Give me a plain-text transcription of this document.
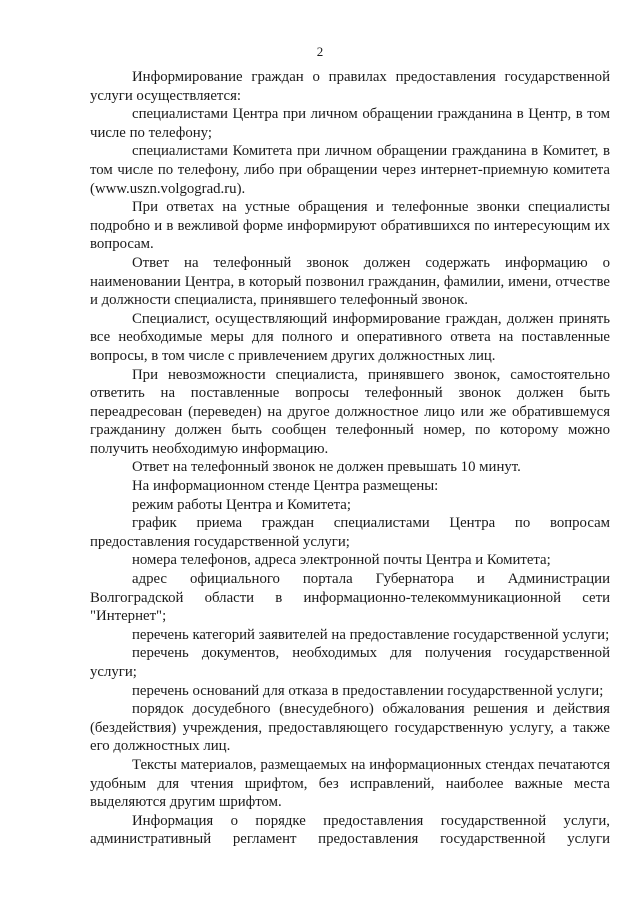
2

Информирование граждан о правилах предоставления государственной услуги осуществляется:

специалистами Центра при личном обращении гражданина в Центр, в том числе по телефону;

специалистами Комитета при личном обращении гражданина в Комитет, в том числе по телефону, либо при обращении через интернет-приемную комитета (www.uszn.volgograd.ru).

При ответах на устные обращения и телефонные звонки специалисты подробно и в вежливой форме информируют обратившихся по интересующим их вопросам.

Ответ на телефонный звонок должен содержать информацию о наименовании Центра, в который позвонил гражданин, фамилии, имени, отчестве и должности специалиста, принявшего телефонный звонок.

Специалист, осуществляющий информирование граждан, должен принять все необходимые меры для полного и оперативного ответа на поставленные вопросы, в том числе с привлечением других должностных лиц.

При невозможности специалиста, принявшего звонок, самостоятельно ответить на поставленные вопросы телефонный звонок должен быть переадресован (переведен) на другое должностное лицо или же обратившемуся гражданину должен быть сообщен телефонный номер, по которому можно получить необходимую информацию.

Ответ на телефонный звонок не должен превышать 10 минут.

На информационном стенде Центра размещены:

режим работы Центра и Комитета;

график приема граждан специалистами Центра по вопросам предоставления государственной услуги;

номера телефонов, адреса электронной почты Центра и Комитета;

адрес официального портала Губернатора и Администрации Волгоградской области в информационно-телекоммуникационной сети "Интернет";

перечень категорий заявителей на предоставление государственной услуги;

перечень документов, необходимых для получения государственной услуги;

перечень оснований для отказа в предоставлении государственной услуги;

порядок досудебного (внесудебного) обжалования решения и действия (бездействия) учреждения, предоставляющего государственную услугу, а также его должностных лиц.

Тексты материалов, размещаемых на информационных стендах печатаются удобным для чтения шрифтом, без исправлений, наиболее важные места выделяются другим шрифтом.

Информация о порядке предоставления государственной услуги, административный регламент предоставления государственной услуги
